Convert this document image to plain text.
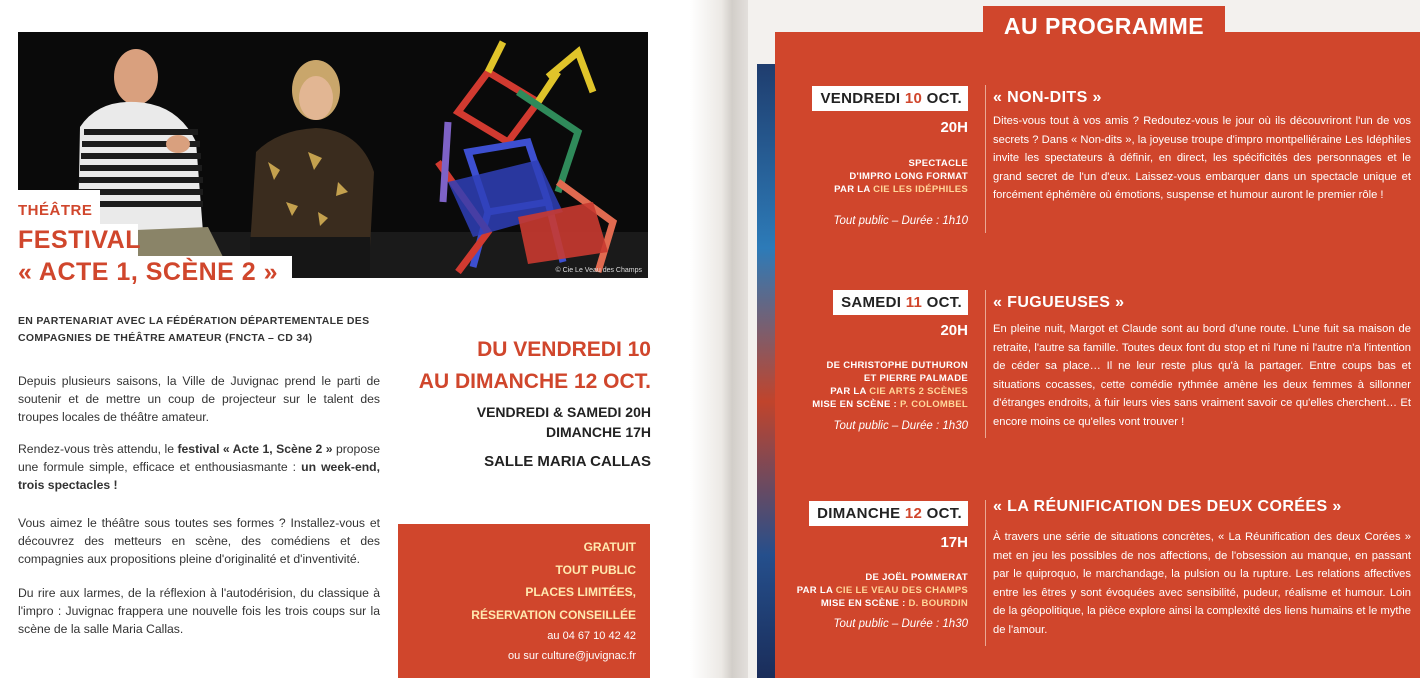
© Cie Le Veau des Champs
THÉÂTRE
FESTIVAL
« ACTE 1, SCÈNE 2 »
EN PARTENARIAT AVEC LA FÉDÉRATION DÉPARTEMENTALE DES COMPAGNIES DE THÉÂTRE AMATEUR (FNCTA – CD 34)

Depuis plusieurs saisons, la Ville de Juvignac prend le parti de soutenir et de mettre un coup de projecteur sur le talent des troupes locales de théâtre amateur.

Rendez-vous très attendu, le festival « Acte 1, Scène 2 » propose une formule simple, efficace et enthousiasmante : un week-end, trois spectacles !

Vous aimez le théâtre sous toutes ses formes ? Installez-vous et découvrez des metteurs en scène, des comédiens et des compagnies aux propositions pleine d'originalité et d'inventivité.

Du rire aux larmes, de la réflexion à l'autodérision, du classique à l'impro : Juvignac frappera une nouvelle fois les trois coups sur la scène de la salle Maria Callas.

DU VENDREDI 10
AU DIMANCHE 12 OCT.
VENDREDI & SAMEDI 20H
DIMANCHE 17H
SALLE MARIA CALLAS
GRATUIT
TOUT PUBLIC
PLACES LIMITÉES,
RÉSERVATION CONSEILLÉE
au 04 67 10 42 42
ou sur culture@juvignac.fr
AU PROGRAMME
VENDREDI 10 OCT.
20H
SPECTACLE
D'IMPRO LONG FORMAT
PAR LA CIE LES IDÉPHILES
Tout public – Durée : 1h10
« NON-DITS »

Dites-vous tout à vos amis ? Redoutez-vous le jour où ils découvriront l'un de vos secrets ? Dans « Non-dits », la joyeuse troupe d'impro montpelliéraine Les Idéphiles invite les spectateurs à définir, en direct, les spécificités des personnages et le grand secret de l'un d'eux. Laissez-vous embarquer dans un spectacle unique et forcément éphémère où émotions, suspense et humour auront le premier rôle !

SAMEDI 11 OCT.
20H
DE CHRISTOPHE DUTHURON
ET PIERRE PALMADE
PAR LA CIE ARTS 2 SCÈNES
MISE EN SCÈNE : P. COLOMBEL
Tout public – Durée : 1h30
« FUGUEUSES »

En pleine nuit, Margot et Claude sont au bord d'une route. L'une fuit sa maison de retraite, l'autre sa famille. Toutes deux font du stop et ni l'une ni l'autre n'a l'intention de céder sa place… Il ne leur reste plus qu'à la partager. Entre coups bas et situations cocasses, cette comédie rythmée amène les deux femmes à sillonner d'étranges endroits, à fuir leurs vies sans vraiment savoir ce qu'elles cherchent… Et encore moins ce qu'elles vont trouver !

DIMANCHE 12 OCT.
17H
DE JOËL POMMERAT
PAR LA CIE LE VEAU DES CHAMPS
MISE EN SCÈNE : D. BOURDIN
Tout public – Durée : 1h30
« LA RÉUNIFICATION DES DEUX CORÉES »

À travers une série de situations concrètes, « La Réunification des deux Corées » met en jeu les possibles de nos affections, de l'obsession au manque, en passant par le quiproquo, le marchandage, la pulsion ou la rupture. Les relations affectives entre les êtres y sont évoquées avec sensibilité, pudeur, réalisme et humour. Loin de la géopolitique, la pièce explore ainsi la complexité des liens humains et le mythe de l'amour.
